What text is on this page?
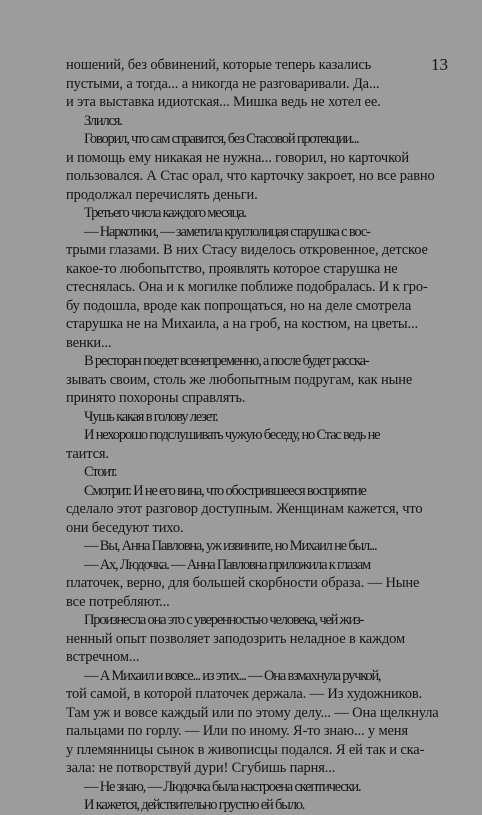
13
ношений, без обвинений, которые теперь казались
пустыми, а тогда... а никогда не разговаривали. Да...
и эта выставка идиотская... Мишка ведь не хотел ее.
Злился.
Говорил, что сам справится, без Стасовой протекции...
и помощь ему никакая не нужна... говорил, но карточкой
пользовался. А Стас орал, что карточку закроет, но все равно
продолжал перечислять деньги.
Третьего числа каждого месяца.
— Наркотики, — заметила круглолицая старушка с вос-
трыми глазами. В них Стасу виделось откровенное, детское
какое-то любопытство, проявлять которое старушка не
стеснялась. Она и к могилке поближе подобралась. И к гро-
бу подошла, вроде как попрощаться, но на деле смотрела
старушка не на Михаила, а на гроб, на костюм, на цветы...
венки...
В ресторан поедет всенепременно, а после будет расска-
зывать своим, столь же любопытным подругам, как ныне
принято похороны справлять.
Чушь какая в голову лезет.
И нехорошо подслушивать чужую беседу, но Стас ведь не
таится.
Стоит.
Смотрит. И не его вина, что обострившееся восприятие
сделало этот разговор доступным. Женщинам кажется, что
они беседуют тихо.
— Вы, Анна Павловна, уж извините, но Михаил не был...
— Ах, Людочка. — Анна Павловна приложила к глазам
платочек, верно, для большей скорбности образа. — Ныне
все потребляют...
Произнесла она это с уверенностью человека, чей жиз-
ненный опыт позволяет заподозрить неладное в каждом
встречном...
— А Михаил и вовсе... из этих... — Она взмахнула ручкой,
той самой, в которой платочек держала. — Из художников.
Там уж и вовсе каждый или по этому делу... — Она щелкнула
пальцами по горлу. — Или по иному. Я-то знаю... у меня
у племянницы сынок в живописцы подался. Я ей так и ска-
зала: не потворствуй дури! Сгубишь парня...
— Не знаю, — Людочка была настроена скептически.
И кажется, действительно грустно ей было.
